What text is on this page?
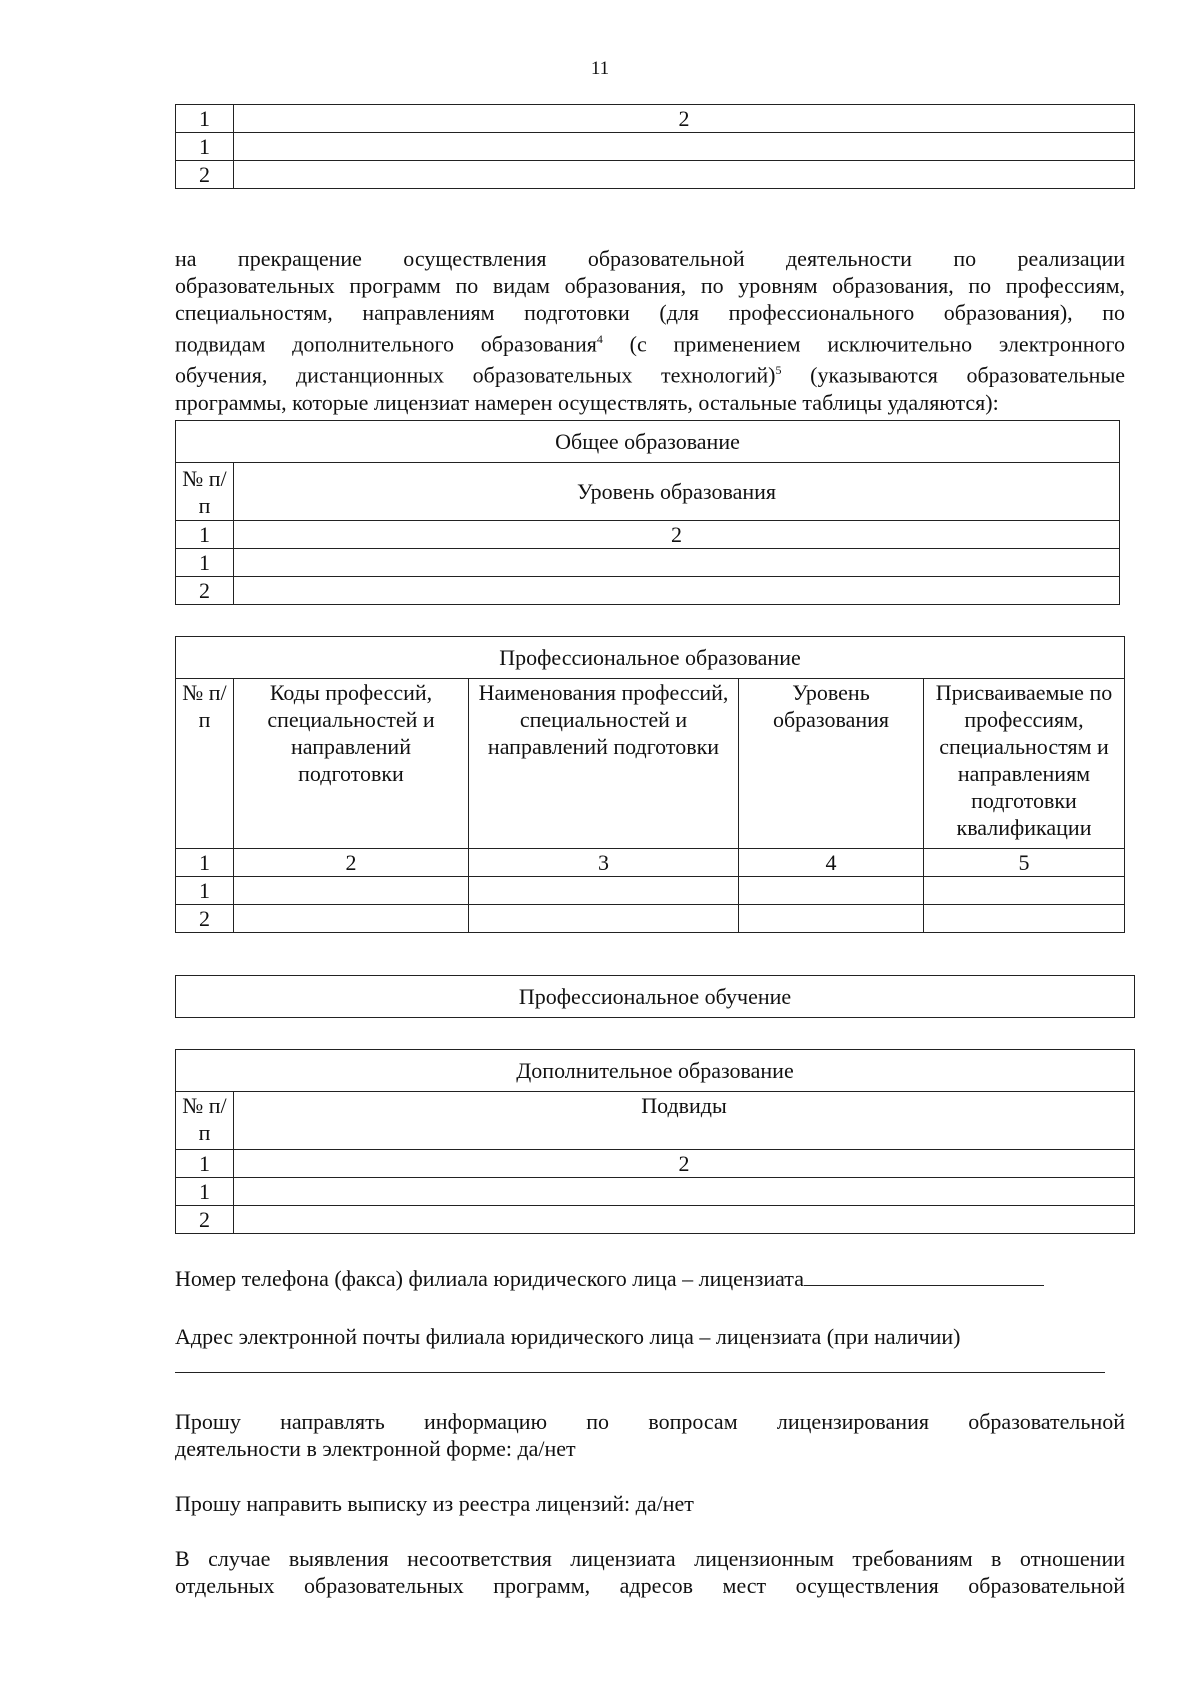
11
1	2
1	
2	
на прекращение осуществления образовательной деятельности по реализации
образовательных программ по видам образования, по уровням образования, по профессиям,
специальностям, направлениям подготовки (для профессионального образования), по
подвидам дополнительного образования$^4$ (с применением исключительно электронного
обучения, дистанционных образовательных технологий)$^5$ (указываются образовательные
программы, которые лицензиат намерен осуществлять, остальные таблицы удаляются):
Общее образование	
№ п/п	Уровень образования
1	2
1	
2	
Профессиональное образование				
№ п/п	Коды профессий, специальностей и направлений подготовки	Наименования профессий, специальностей и направлений подготовки	Уровень образования	Присваиваемые по профессиям, специальностям и направлениям подготовки квалификации
1	2	3	4	5
1				
2				
Профессиональное обучение
Дополнительное образование	
№ п/п	Подвиды
1	2
1	
2	
Номер телефона (факса) филиала юридического лица – лицензиата
Адрес электронной почты филиала юридического лица – лицензиата (при наличии)
Прошу направлять информацию по вопросам лицензирования образовательной
деятельности в электронной форме: да/нет
Прошу направить выписку из реестра лицензий: да/нет
В случае выявления несоответствия лицензиата лицензионным требованиям в отношении
отдельных образовательных программ, адресов мест осуществления образовательной
